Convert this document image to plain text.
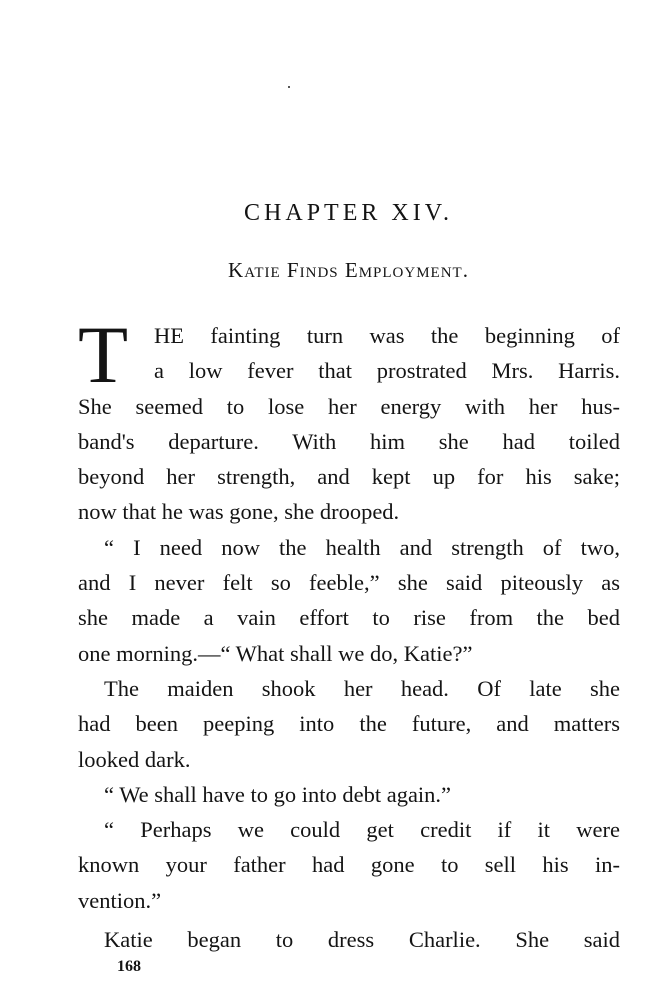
CHAPTER XIV.
Katie Finds Employment.
T	HE fainting turn was the beginning of
a low fever that prostrated Mrs. Harris.
She seemed to lose her energy with her hus-
band's departure. With him she had toiled
beyond her strength, and kept up for his sake;
now that he was gone, she drooped.
“ I need now the health and strength of two,
and I never felt so feeble,” she said piteously as
she made a vain effort to rise from the bed
one morning.—“ What shall we do, Katie?”
The maiden shook her head. Of late she
had been peeping into the future, and matters
looked dark.
“ We shall have to go into debt again.”
“ Perhaps we could get credit if it were
known your father had gone to sell his in-
vention.”
Katie began to dress Charlie. She said
168
